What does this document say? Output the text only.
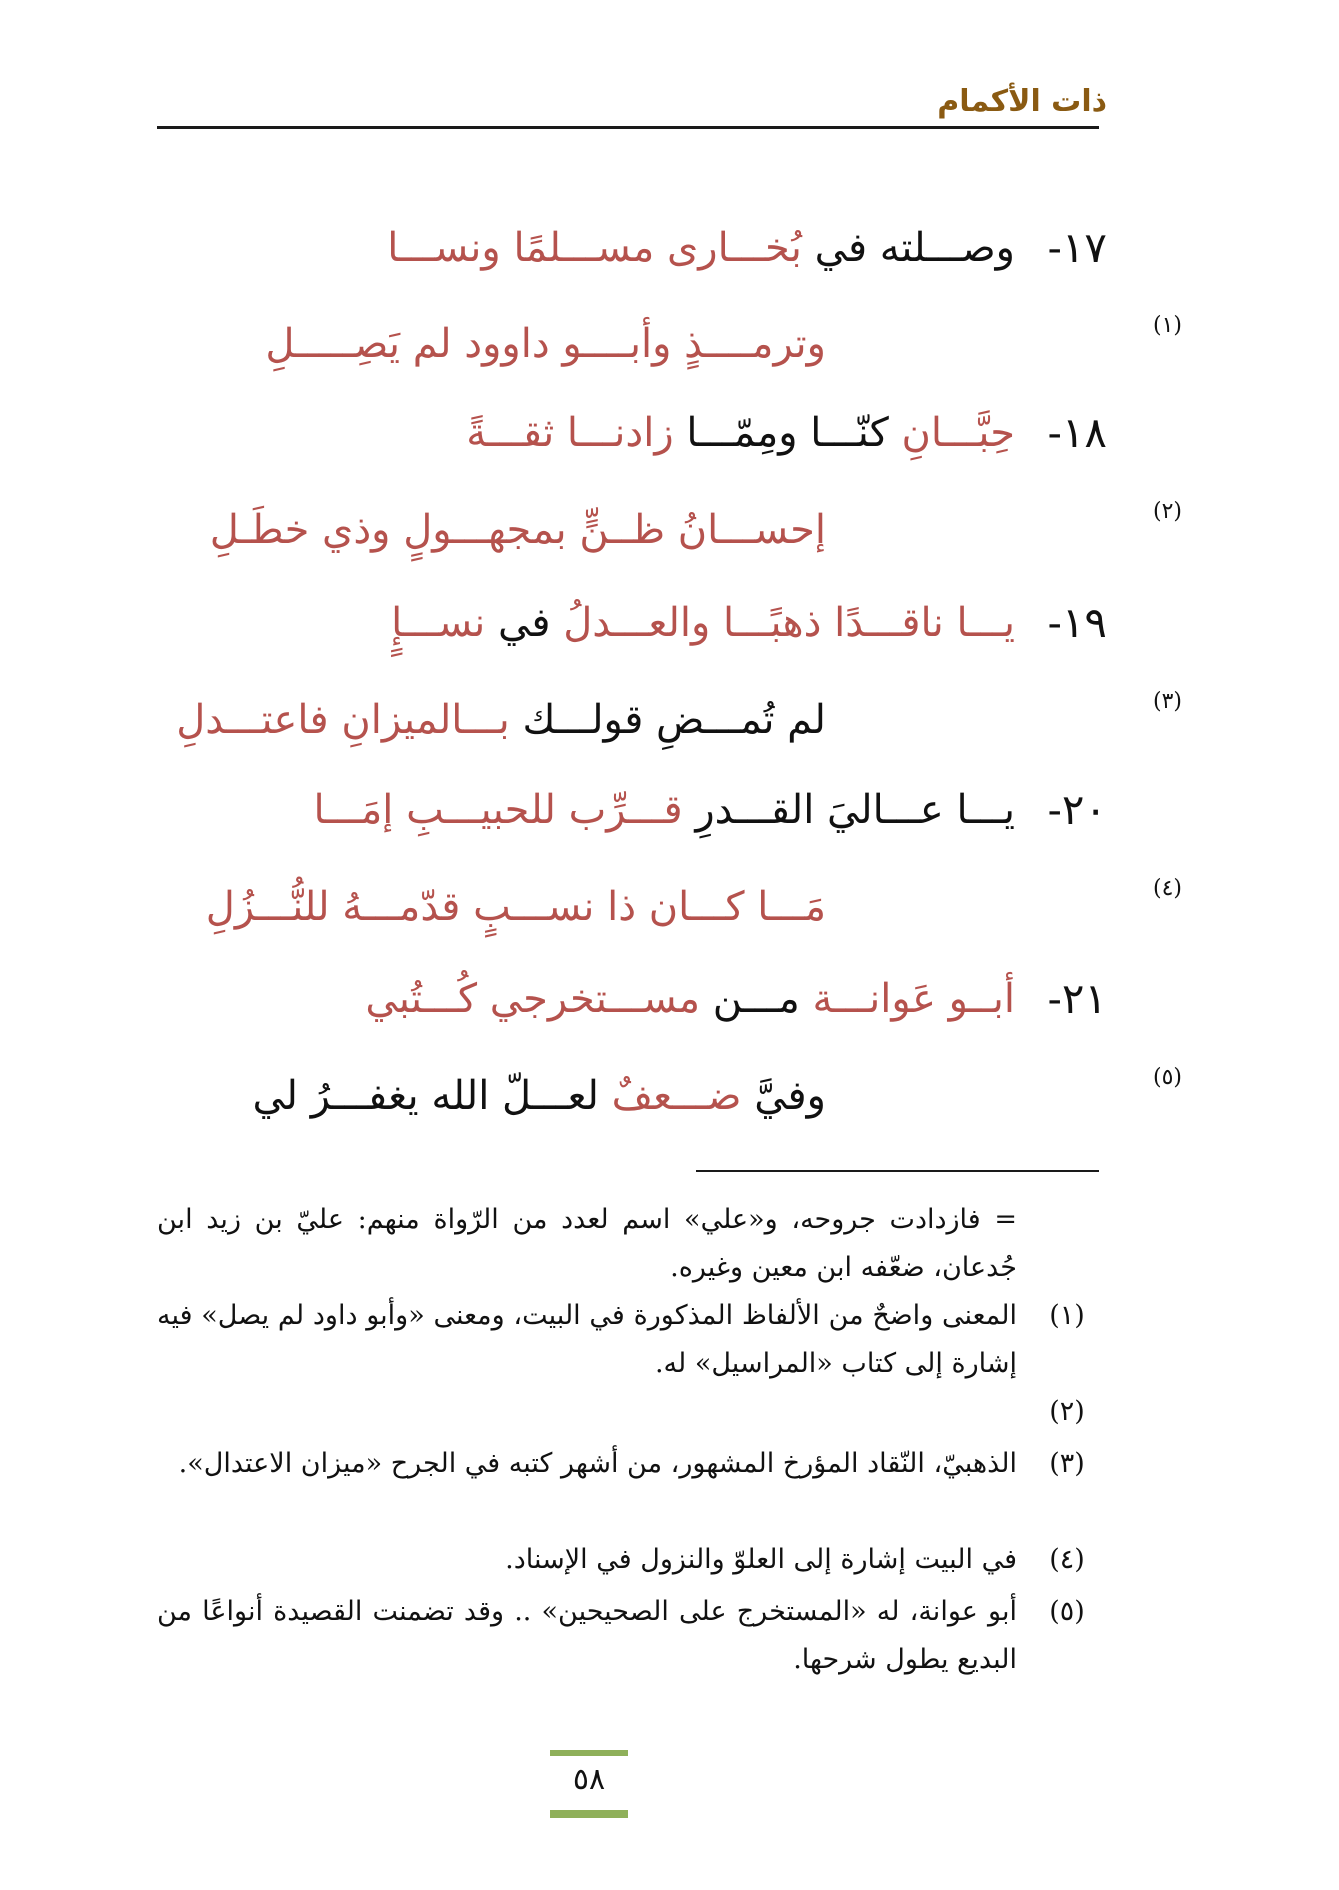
ذات الأكمام
١٧-
وصـــلته في بُخـــارى مســـلمًا ونســـا
وترمــــذٍ وأبــــو داوود لم يَصِـــــلِ	(١)
١٨-
حِبَّـــانِ كنّـــا ومِمّـــا زادنـــا ثقـــةً
إحســـانُ ظــنٍّ بمجهـــولٍ وذي خطَـلِ	(٢)
١٩-
يـــا ناقـــدًا ذهبًـــا والعـــدلُ في نســـإٍ
لم تُمـــضِ قولـــك بـــالميزانِ فاعتـــدلِ	(٣)
٢٠-
يـــا عـــاليَ القـــدرِ قـــرِّب للحبيـــبِ إمَـــا
مَـــا كـــان ذا نســـبٍ قدّمـــهُ للنُّـــزُلِ	(٤)
٢١-
أبــو عَوانـــة مـــن مســـتخرجي كُـــتُبي
وفيَّ ضـــعفٌ لعـــلّ الله يغفـــرُ لي	(٥)
= فازدادت جروحه، و«علي» اسم لعدد من الرّواة منهم: عليّ بن زيد ابن جُدعان، ضعّفه ابن معين وغيره.
(١)
المعنى واضحٌ من الألفاظ المذكورة في البيت، ومعنى «وأبو داود لم يصل» فيه إشارة إلى كتاب «المراسيل» له.
(٢)
(٣)
الذهبيّ، النّقاد المؤرخ المشهور، من أشهر كتبه في الجرح «ميزان الاعتدال».
(٤)
في البيت إشارة إلى العلوّ والنزول في الإسناد.
(٥)
أبو عوانة، له «المستخرج على الصحيحين» .. وقد تضمنت القصيدة أنواعًا من البديع يطول شرحها.
٥٨
